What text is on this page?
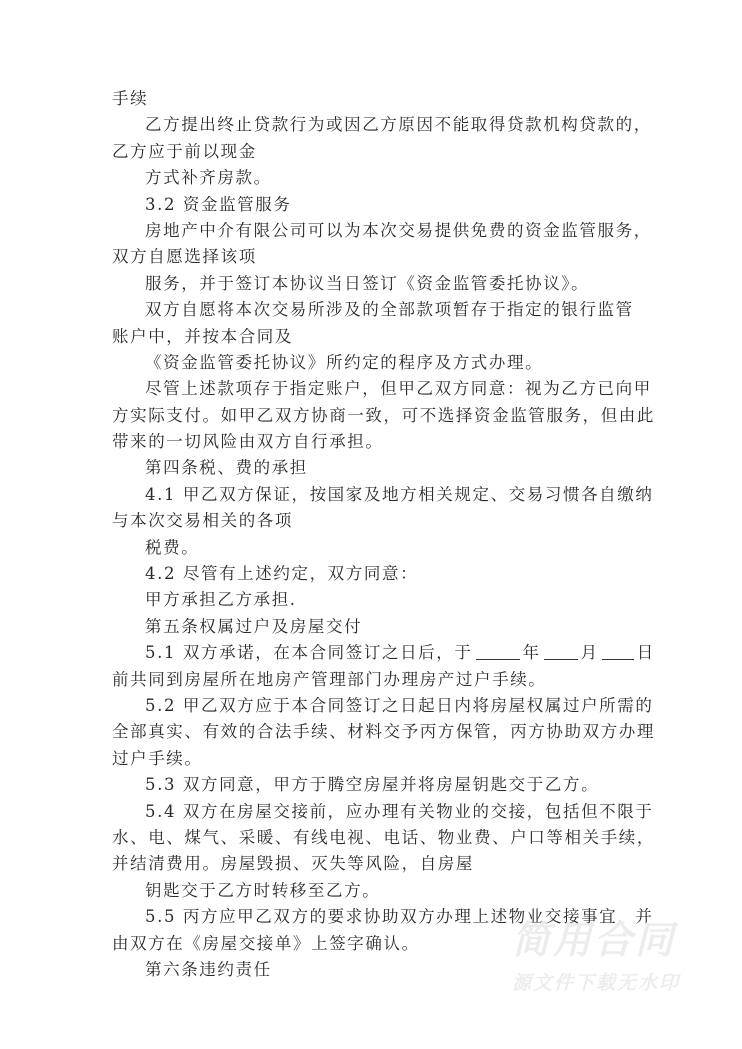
手续
乙方提出终止贷款行为或因乙方原因不能取得贷款机构贷款的，
乙方应于前以现金
方式补齐房款。
3.2 资金监管服务
房地产中介有限公司可以为本次交易提供免费的资金监管服务，
双方自愿选择该项
服务，并于签订本协议当日签订《资金监管委托协议》。
双方自愿将本次交易所涉及的全部款项暂存于指定的银行监管
账户中，并按本合同及
《资金监管委托协议》所约定的程序及方式办理。
尽管上述款项存于指定账户，但甲乙双方同意：视为乙方已向甲
方实际支付。如甲乙双方协商一致，可不选择资金监管服务，但由此
带来的一切风险由双方自行承担。
第四条税、费的承担
4.1 甲乙双方保证，按国家及地方相关规定、交易习惯各自缴纳
与本次交易相关的各项
税费。
4.2 尽管有上述约定，双方同意：
甲方承担乙方承担.
第五条权属过户及房屋交付
5.1 双方承诺，在本合同签订之日后，于	年 月 日
前共同到房屋所在地房产管理部门办理房产过户手续。
5.2 甲乙双方应于本合同签订之日起日内将房屋权属过户所需的
全部真实、有效的合法手续、材料交予丙方保管，丙方协助双方办理
过户手续。
5.3 双方同意，甲方于腾空房屋并将房屋钥匙交于乙方。
5.4 双方在房屋交接前，应办理有关物业的交接，包括但不限于
水、电、煤气、采暖、有线电视、电话、物业费、户口等相关手续，
并结清费用。房屋毁损、灭失等风险，自房屋
钥匙交于乙方时转移至乙方。
5.5 丙方应甲乙双方的要求协助双方办理上述物业交接事宜，并
由双方在《房屋交接单》上签字确认。
第六条违约责任
简用合同
源文件下载无水印
